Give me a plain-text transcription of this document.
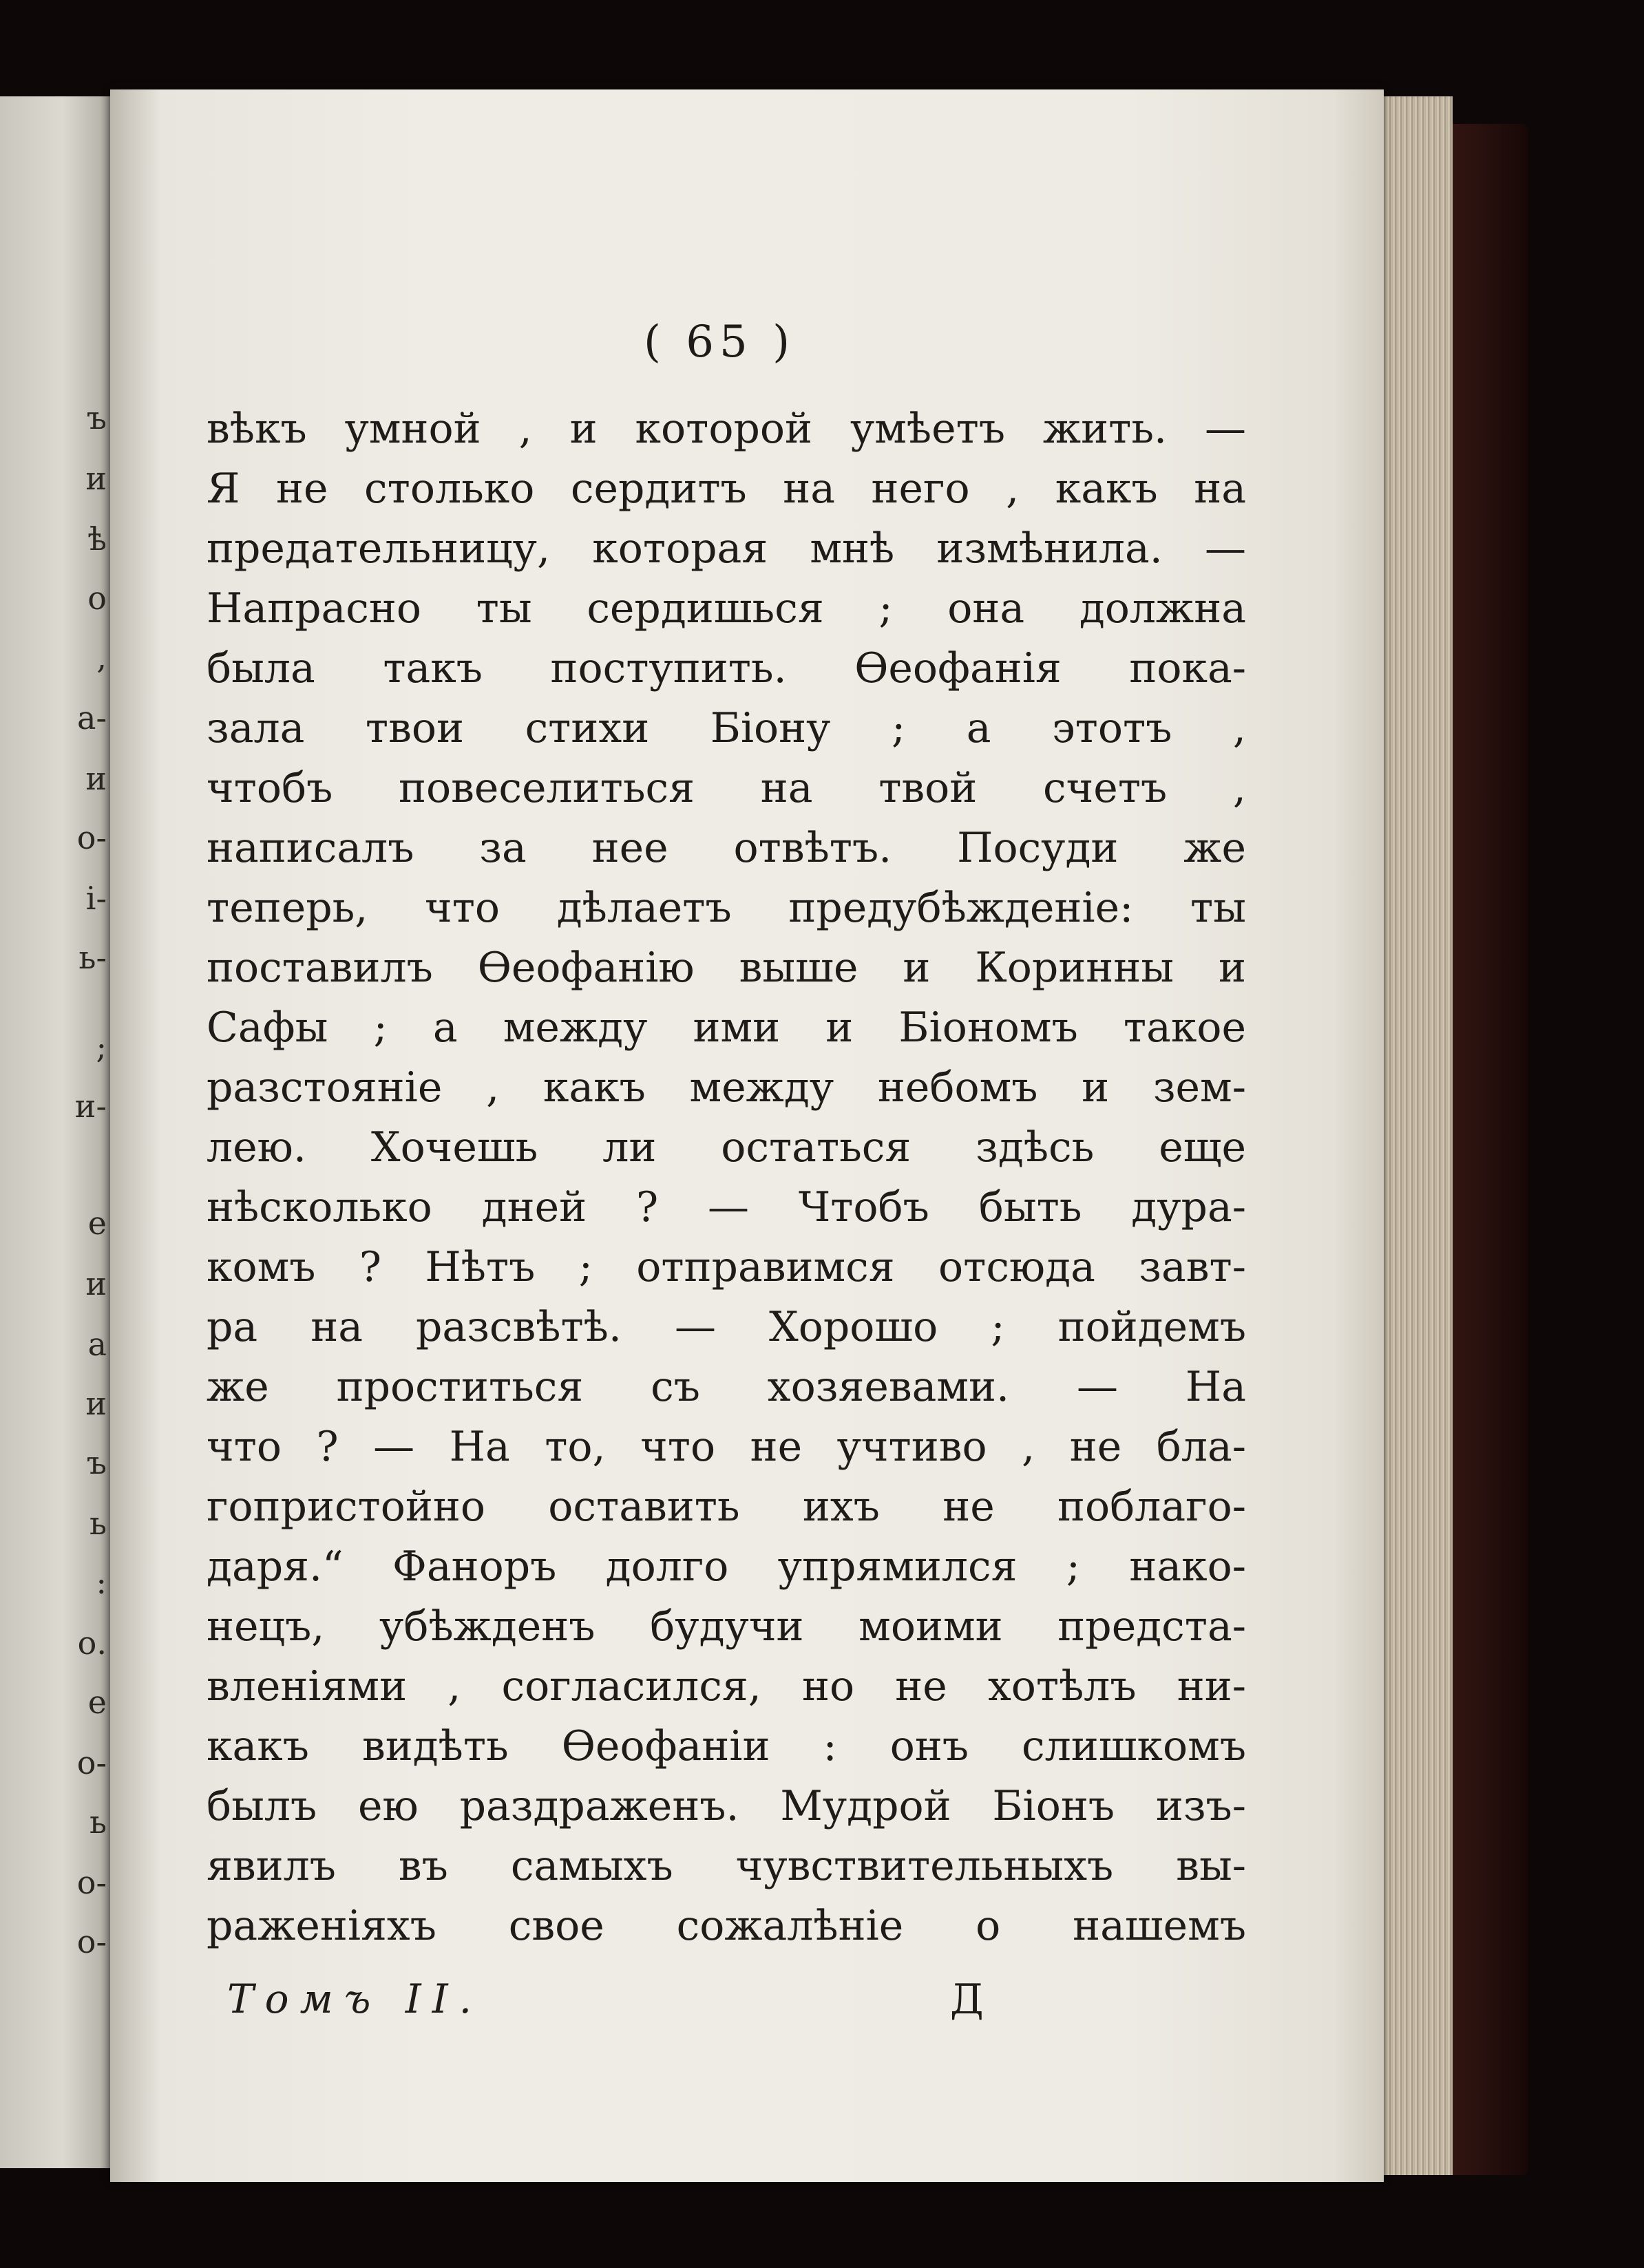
ъ
и
ѣ
о
,
а-
и
о-
і-
ь-
;
и-
е
и
а
и
ъ
ь
:
о.
е
о-
ь
о-
о-
( 65 )
вѣкъ умной , и которой умѣетъ жить. —
Я не столько сердитъ на него , какъ на
предательницу, которая мнѣ измѣнила. —
Напрасно ты сердишься ; она должна
была такъ поступить. Ѳеофанія пока-
зала твои стихи Біону ; а этотъ ,
чтобъ повеселиться на твой счетъ ,
написалъ за нее отвѣтъ. Посуди же
теперь, что дѣлаетъ предубѣжденіе: ты
поставилъ Ѳеофанію выше и Коринны и
Сафы ; а между ими и Біономъ такое
разстояніе , какъ между небомъ и зем-
лею. Хочешь ли остаться здѣсь еще
нѣсколько дней ? — Чтобъ быть дура-
комъ ? Нѣтъ ; отправимся отсюда завт-
ра на разсвѣтѣ. — Хорошо ; пойдемъ
же проститься съ хозяевами. — На
что ? — На то, что не учтиво , не бла-
гопристойно оставить ихъ не поблаго-
даря.“ Фаноръ долго упрямился ; нако-
нецъ, убѣжденъ будучи моими предста-
вленіями , согласился, но не хотѣлъ ни-
какъ видѣть Ѳеофаніи : онъ слишкомъ
былъ ею раздраженъ. Мудрой Біонъ изъ-
явилъ въ самыхъ чувствительныхъ вы-
раженіяхъ свое сожалѣніе о нашемъ
Томъ II.	Д
